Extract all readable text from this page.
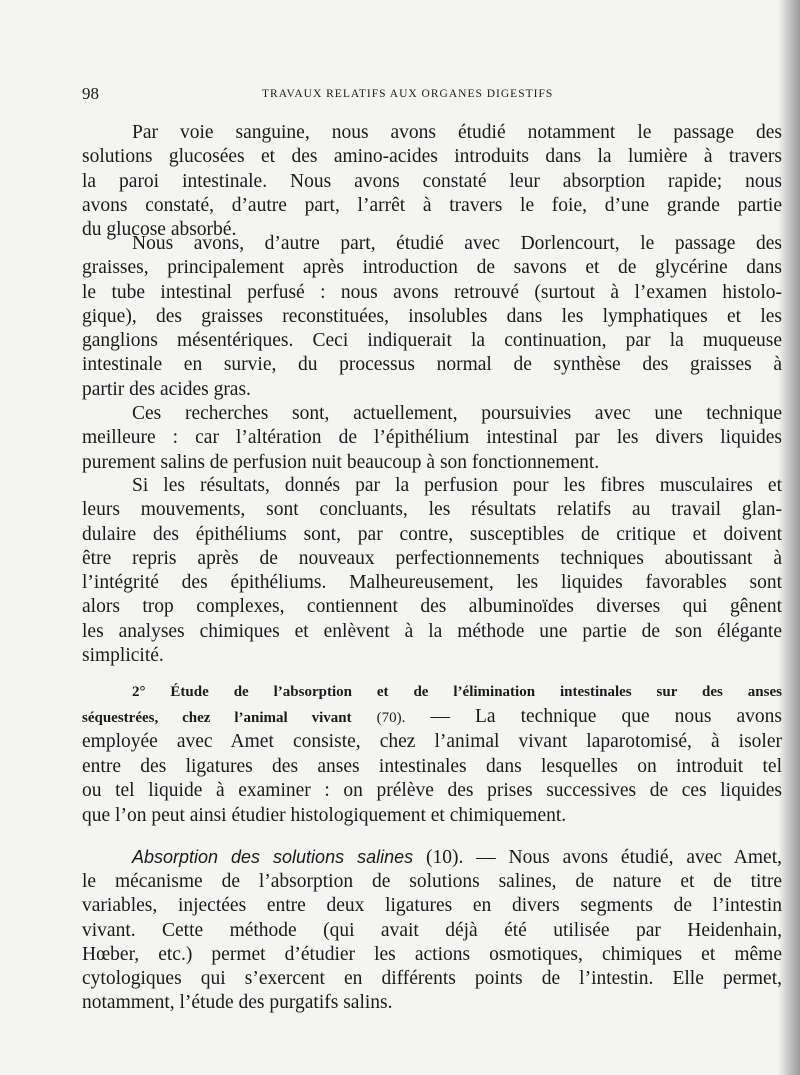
98	TRAVAUX RELATIFS AUX ORGANES DIGESTIFS
Par voie sanguine, nous avons étudié notamment le passage des
solutions glucosées et des amino-acides introduits dans la lumière à travers
la paroi intestinale. Nous avons constaté leur absorption rapide; nous
avons constaté, d’autre part, l’arrêt à travers le foie, d’une grande partie
du glucose absorbé.
Nous avons, d’autre part, étudié avec Dorlencourt, le passage des
graisses, principalement après introduction de savons et de glycérine dans
le tube intestinal perfusé : nous avons retrouvé (surtout à l’examen histolo-
gique), des graisses reconstituées, insolubles dans les lymphatiques et les
ganglions mésentériques. Ceci indiquerait la continuation, par la muqueuse
intestinale en survie, du processus normal de synthèse des graisses à
partir des acides gras.
Ces recherches sont, actuellement, poursuivies avec une technique
meilleure : car l’altération de l’épithélium intestinal par les divers liquides
purement salins de perfusion nuit beaucoup à son fonctionnement.
Si les résultats, donnés par la perfusion pour les fibres musculaires et
leurs mouvements, sont concluants, les résultats relatifs au travail glan-
dulaire des épithéliums sont, par contre, susceptibles de critique et doivent
être repris après de nouveaux perfectionnements techniques aboutissant à
l’intégrité des épithéliums. Malheureusement, les liquides favorables sont
alors trop complexes, contiennent des albuminoïdes diverses qui gênent
les analyses chimiques et enlèvent à la méthode une partie de son élégante
simplicité.
2° Étude de l’absorption et de l’élimination intestinales sur des anses
séquestrées, chez l’animal vivant (70). — La technique que nous avons
employée avec Amet consiste, chez l’animal vivant laparotomisé, à isoler
entre des ligatures des anses intestinales dans lesquelles on introduit tel
ou tel liquide à examiner : on prélève des prises successives de ces liquides
que l’on peut ainsi étudier histologiquement et chimiquement.
Absorption des solutions salines (10). — Nous avons étudié, avec Amet,
le mécanisme de l’absorption de solutions salines, de nature et de titre
variables, injectées entre deux ligatures en divers segments de l’intestin
vivant. Cette méthode (qui avait déjà été utilisée par Heidenhain,
Hœber, etc.) permet d’étudier les actions osmotiques, chimiques et même
cytologiques qui s’exercent en différents points de l’intestin. Elle permet,
notamment, l’étude des purgatifs salins.
